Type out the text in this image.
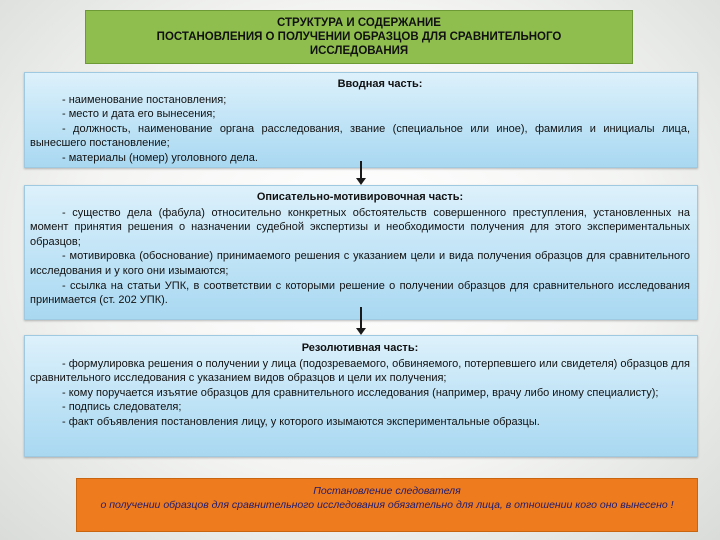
СТРУКТУРА И СОДЕРЖАНИЕ
ПОСТАНОВЛЕНИЯ О ПОЛУЧЕНИИ ОБРАЗЦОВ ДЛЯ СРАВНИТЕЛЬНОГО
ИССЛЕДОВАНИЯ
Вводная часть:

- наименование постановления;

- место и дата его вынесения;

- должность, наименование органа расследования, звание (специальное или иное), фамилия и инициалы лица, вынесшего постановление;

- материалы (номер) уголовного дела.

Описательно-мотивировочная часть:

- существо дела (фабула) относительно конкретных обстоятельств совершенного преступления, установленных на момент принятия решения о назначении судебной экспертизы и необходимости получения для этого экспериментальных образцов;

- мотивировка (обоснование) принимаемого решения с указанием цели и вида получения образцов для сравнительного исследования и у кого они изымаются;

- ссылка на статьи УПК, в соответствии с которыми решение о получении образцов для сравнительного исследования принимается (ст. 202 УПК).

Резолютивная часть:

- формулировка решения о получении у лица (подозреваемого, обвиняемого, потерпевшего или свидетеля) образцов для сравнительного исследования с указанием видов образцов и цели их получения;

- кому поручается изъятие образцов для сравнительного исследования (например, врачу либо иному специалисту);

- подпись следователя;

- факт объявления постановления лицу, у которого изымаются экспериментальные образцы.

Постановление следователя
о получении образцов для сравнительного исследования обязательно для лица, в отношении кого оно вынесено !
